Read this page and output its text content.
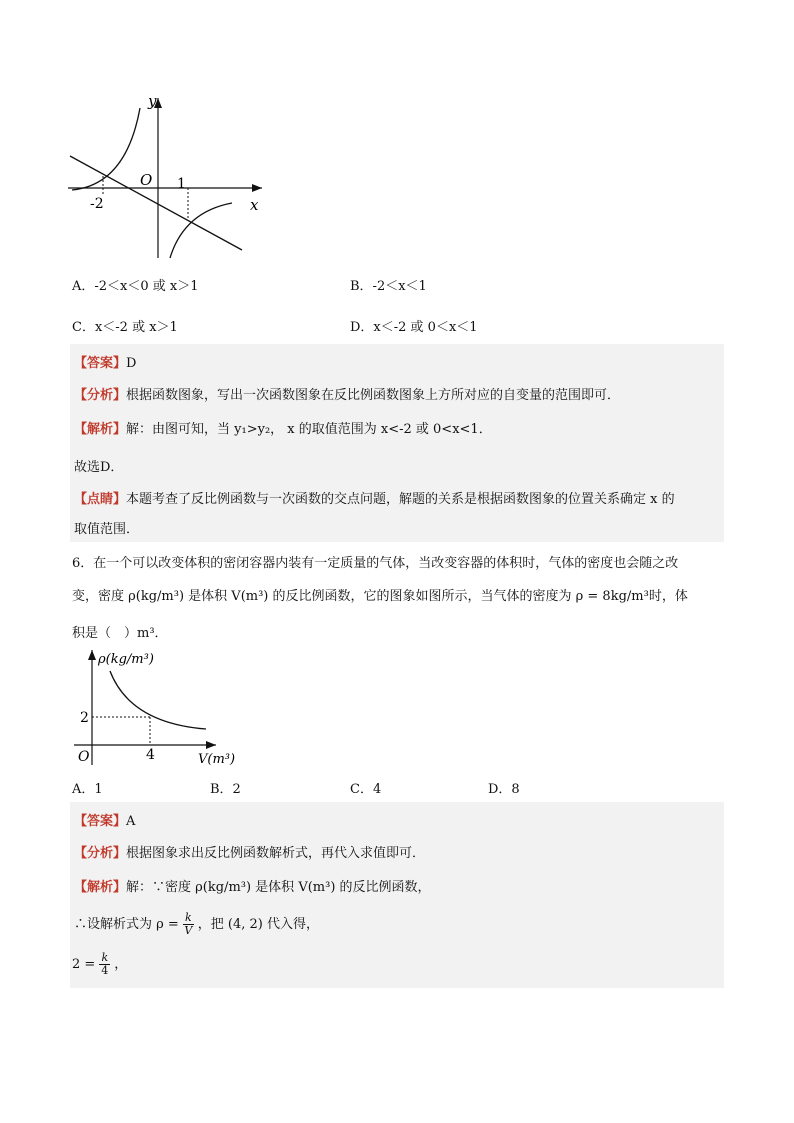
y
O 1
-2	x
A．-2＜x＜0 或 x＞1	B．-2＜x＜1
C．x＜-2 或 x＞1	D．x＜-2 或 0＜x＜1
【答案】D
【分析】根据函数图象，写出一次函数图象在反比例函数图象上方所对应的自变量的范围即可．
【解析】解：由图可知，当 y₁>y₂， x 的取值范围为 x<-2 或 0<x<1．
故选D．
【点睛】本题考查了反比例函数与一次函数的交点问题，解题的关系是根据函数图象的位置关系确定 x 的
取值范围．
6．在一个可以改变体积的密闭容器内装有一定质量的气体，当改变容器的体积时，气体的密度也会随之改
变，密度 ρ(kg/m³) 是体积 V(m³) 的反比例函数，它的图象如图所示，当气体的密度为 ρ = 8kg/m³时，体
积是（　）m³．
ρ(kg/m³)
2
O	4	V(m³)
A．1	B．2	C．4	D．8
【答案】A
【分析】根据图象求出反比例函数解析式，再代入求值即可．
【解析】解：∵密度 ρ(kg/m³) 是体积 V(m³) 的反比例函数，
∴设解析式为 $\rho = \frac{k}{V}$ ，把 (4, 2) 代入得，
$2 = \frac{k}{4}$ ，
